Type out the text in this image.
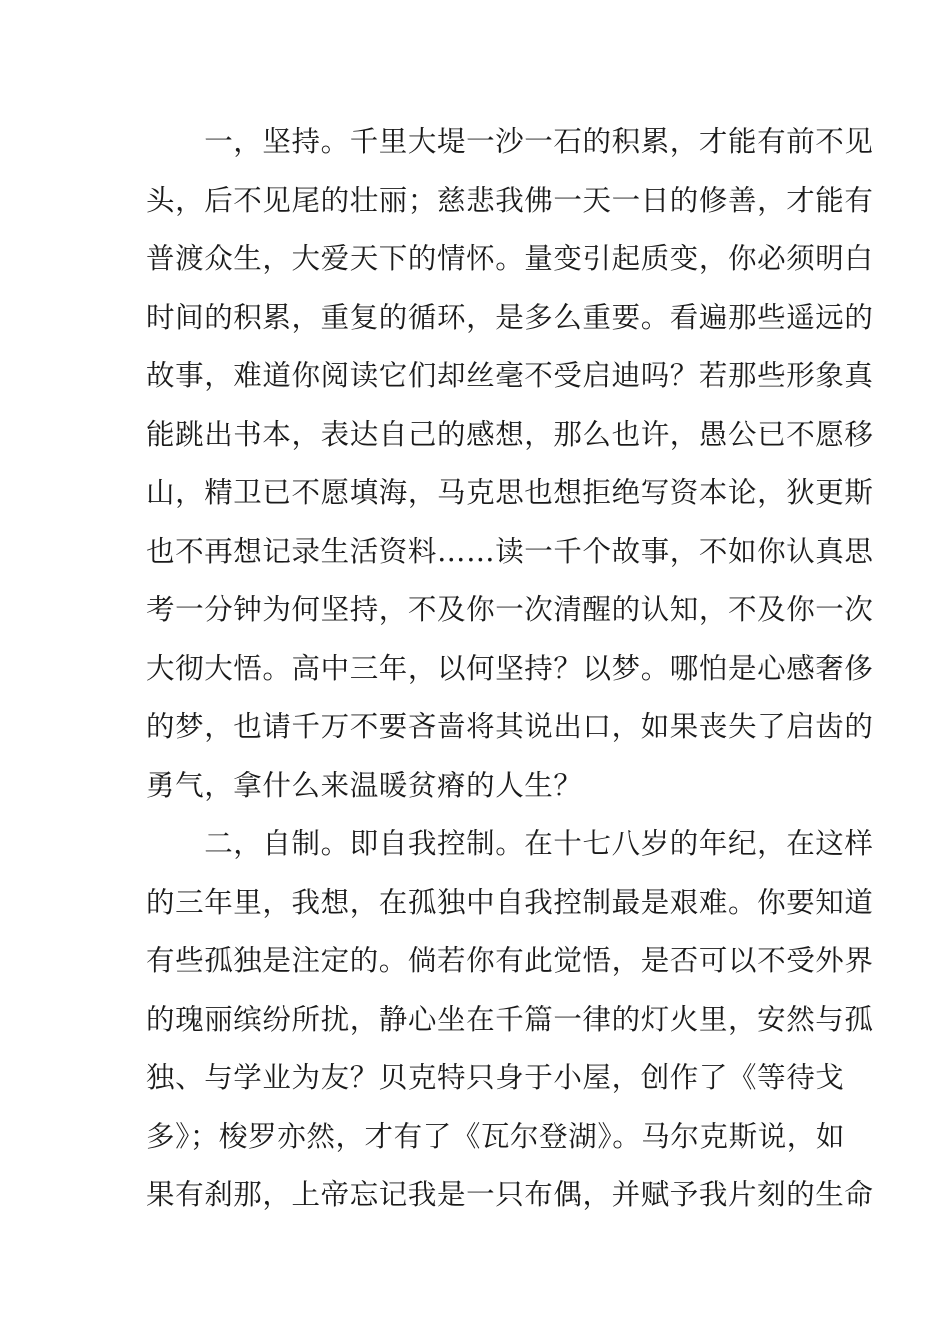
　　一，坚持。千里大堤一沙一石的积累，才能有前不见
头，后不见尾的壮丽；慈悲我佛一天一日的修善，才能有
普渡众生，大爱天下的情怀。量变引起质变，你必须明白
时间的积累，重复的循环，是多么重要。看遍那些遥远的
故事，难道你阅读它们却丝毫不受启迪吗？若那些形象真
能跳出书本，表达自己的感想，那么也许，愚公已不愿移
山，精卫已不愿填海，马克思也想拒绝写资本论，狄更斯
也不再想记录生活资料……读一千个故事，不如你认真思
考一分钟为何坚持，不及你一次清醒的认知，不及你一次
大彻大悟。高中三年，以何坚持？以梦。哪怕是心感奢侈
的梦，也请千万不要吝啬将其说出口，如果丧失了启齿的
勇气，拿什么来温暖贫瘠的人生？
　　二，自制。即自我控制。在十七八岁的年纪，在这样
的三年里，我想，在孤独中自我控制最是艰难。你要知道
有些孤独是注定的。倘若你有此觉悟，是否可以不受外界
的瑰丽缤纷所扰，静心坐在千篇一律的灯火里，安然与孤
独、与学业为友？贝克特只身于小屋，创作了《等待戈
多》；梭罗亦然，才有了《瓦尔登湖》。马尔克斯说，如
果有刹那，上帝忘记我是一只布偶，并赋予我片刻的生命
